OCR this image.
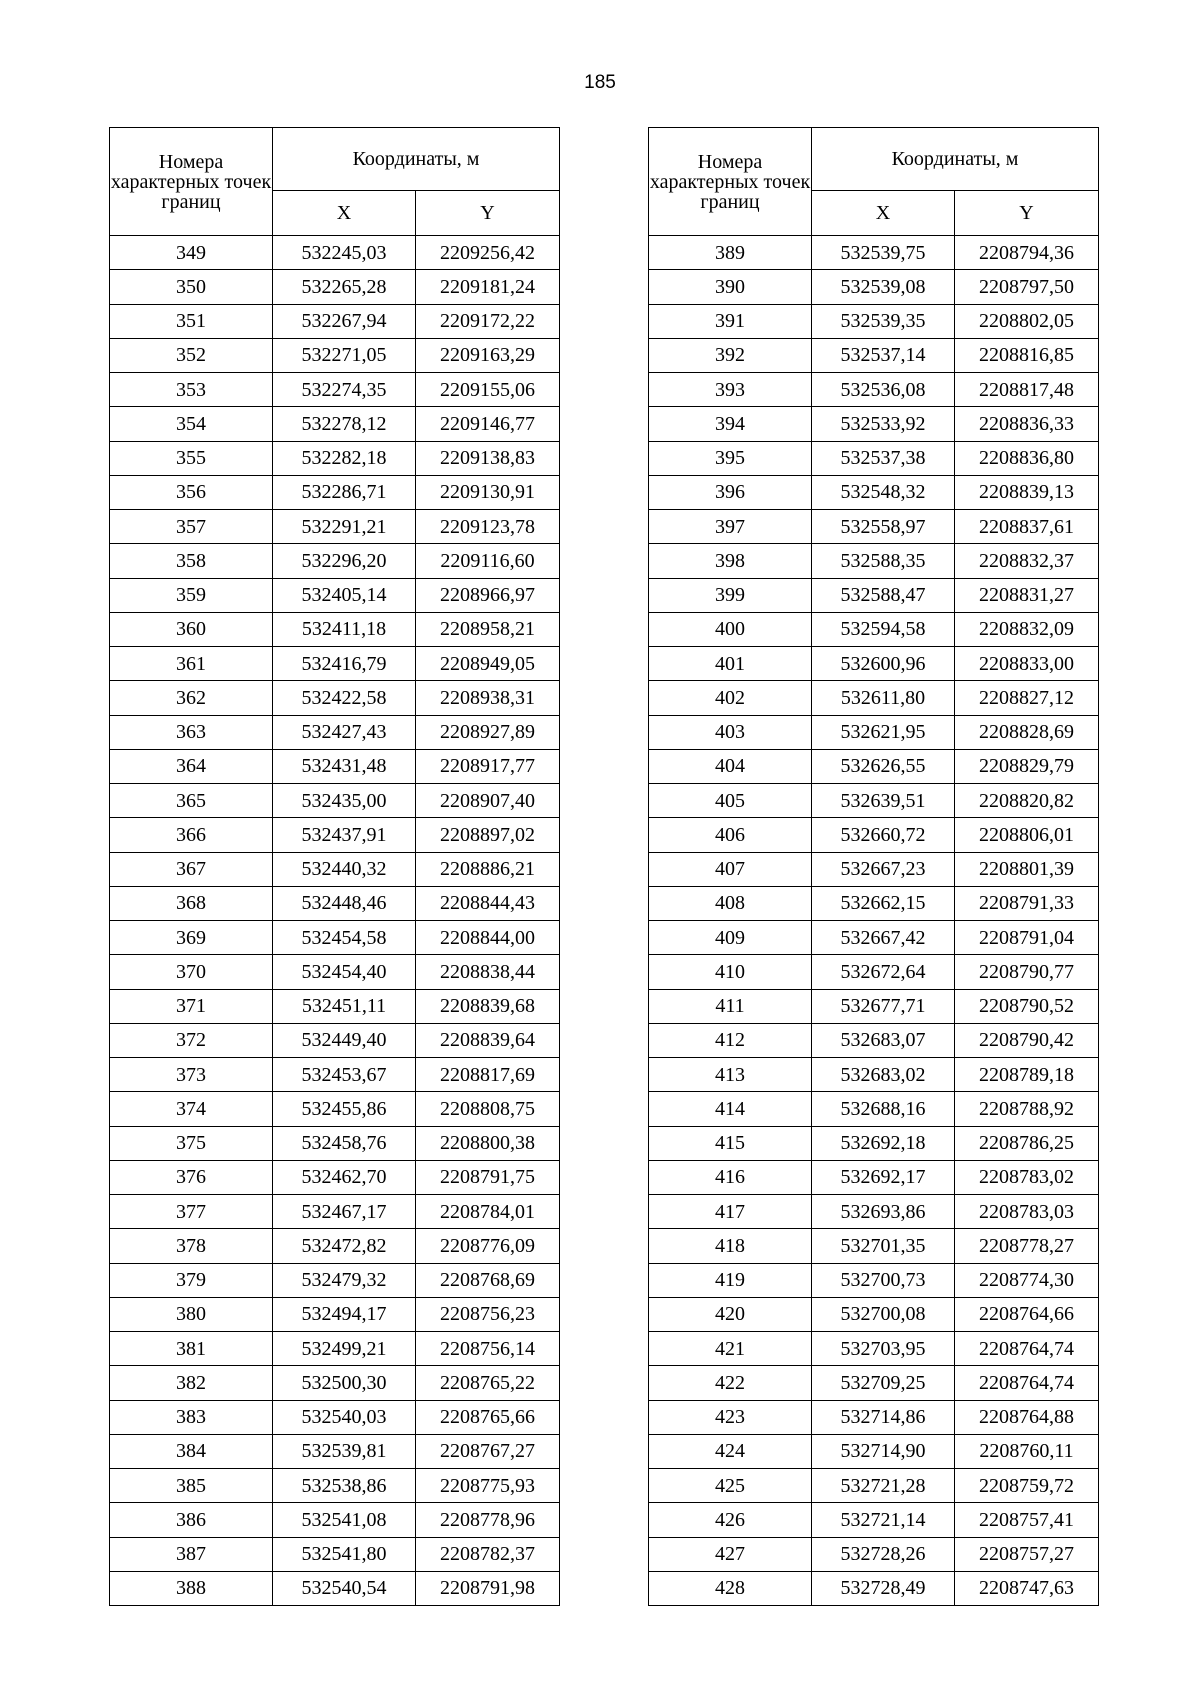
185
Номера характерных точек границ	Координаты, м	
	X	Y
349	532245,03	2209256,42
350	532265,28	2209181,24
351	532267,94	2209172,22
352	532271,05	2209163,29
353	532274,35	2209155,06
354	532278,12	2209146,77
355	532282,18	2209138,83
356	532286,71	2209130,91
357	532291,21	2209123,78
358	532296,20	2209116,60
359	532405,14	2208966,97
360	532411,18	2208958,21
361	532416,79	2208949,05
362	532422,58	2208938,31
363	532427,43	2208927,89
364	532431,48	2208917,77
365	532435,00	2208907,40
366	532437,91	2208897,02
367	532440,32	2208886,21
368	532448,46	2208844,43
369	532454,58	2208844,00
370	532454,40	2208838,44
371	532451,11	2208839,68
372	532449,40	2208839,64
373	532453,67	2208817,69
374	532455,86	2208808,75
375	532458,76	2208800,38
376	532462,70	2208791,75
377	532467,17	2208784,01
378	532472,82	2208776,09
379	532479,32	2208768,69
380	532494,17	2208756,23
381	532499,21	2208756,14
382	532500,30	2208765,22
383	532540,03	2208765,66
384	532539,81	2208767,27
385	532538,86	2208775,93
386	532541,08	2208778,96
387	532541,80	2208782,37
388	532540,54	2208791,98
Номера характерных точек границ	Координаты, м	
	X	Y
389	532539,75	2208794,36
390	532539,08	2208797,50
391	532539,35	2208802,05
392	532537,14	2208816,85
393	532536,08	2208817,48
394	532533,92	2208836,33
395	532537,38	2208836,80
396	532548,32	2208839,13
397	532558,97	2208837,61
398	532588,35	2208832,37
399	532588,47	2208831,27
400	532594,58	2208832,09
401	532600,96	2208833,00
402	532611,80	2208827,12
403	532621,95	2208828,69
404	532626,55	2208829,79
405	532639,51	2208820,82
406	532660,72	2208806,01
407	532667,23	2208801,39
408	532662,15	2208791,33
409	532667,42	2208791,04
410	532672,64	2208790,77
411	532677,71	2208790,52
412	532683,07	2208790,42
413	532683,02	2208789,18
414	532688,16	2208788,92
415	532692,18	2208786,25
416	532692,17	2208783,02
417	532693,86	2208783,03
418	532701,35	2208778,27
419	532700,73	2208774,30
420	532700,08	2208764,66
421	532703,95	2208764,74
422	532709,25	2208764,74
423	532714,86	2208764,88
424	532714,90	2208760,11
425	532721,28	2208759,72
426	532721,14	2208757,41
427	532728,26	2208757,27
428	532728,49	2208747,63
